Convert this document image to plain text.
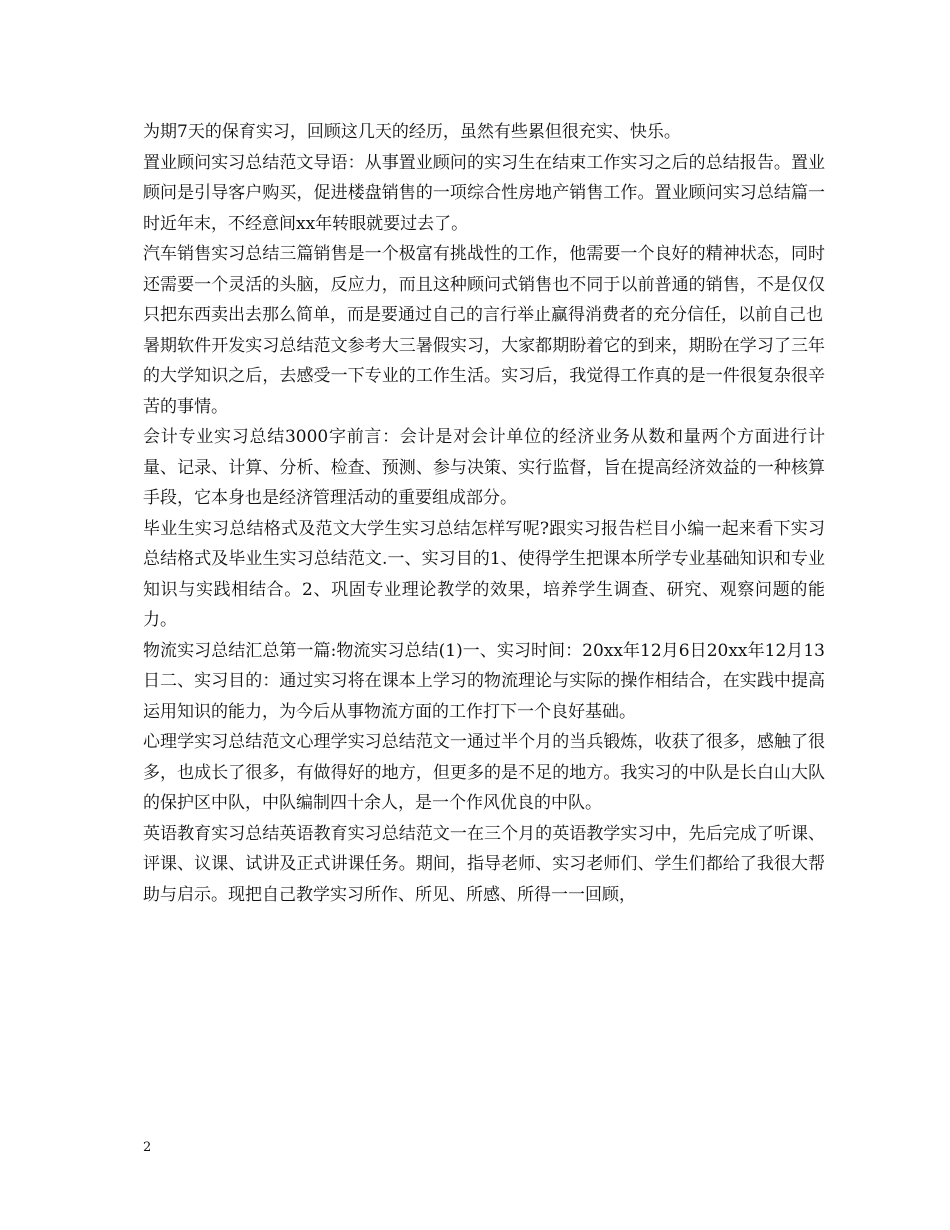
为期7天的保育实习，回顾这几天的经历，虽然有些累但很充实、快乐。

置业顾问实习总结范文导语：从事置业顾问的实习生在结束工作实习之后的总结报告。置业顾问是引导客户购买，促进楼盘销售的一项综合性房地产销售工作。置业顾问实习总结篇一时近年末，不经意间xx年转眼就要过去了。

汽车销售实习总结三篇销售是一个极富有挑战性的工作，他需要一个良好的精神状态，同时还需要一个灵活的头脑，反应力，而且这种顾问式销售也不同于以前普通的销售，不是仅仅只把东西卖出去那么简单，而是要通过自己的言行举止赢得消费者的充分信任，以前自己也

暑期软件开发实习总结范文参考大三暑假实习，大家都期盼着它的到来，期盼在学习了三年的大学知识之后，去感受一下专业的工作生活。实习后，我觉得工作真的是一件很复杂很辛苦的事情。

会计专业实习总结3000字前言：会计是对会计单位的经济业务从数和量两个方面进行计量、记录、计算、分析、检查、预测、参与决策、实行监督，旨在提高经济效益的一种核算手段，它本身也是经济管理活动的重要组成部分。

毕业生实习总结格式及范文大学生实习总结怎样写呢?跟实习报告栏目小编一起来看下实习总结格式及毕业生实习总结范文.一、实习目的1、使得学生把课本所学专业基础知识和专业知识与实践相结合。2、巩固专业理论教学的效果，培养学生调查、研究、观察问题的能力。

物流实习总结汇总第一篇:物流实习总结(1)一、实习时间：20xx年12月6日20xx年12月13日二、实习目的：通过实习将在课本上学习的物流理论与实际的操作相结合，在实践中提高运用知识的能力，为今后从事物流方面的工作打下一个良好基础。

心理学实习总结范文心理学实习总结范文一通过半个月的当兵锻炼，收获了很多，感触了很多，也成长了很多，有做得好的地方，但更多的是不足的地方。我实习的中队是长白山大队的保护区中队，中队编制四十余人，是一个作风优良的中队。

英语教育实习总结英语教育实习总结范文一在三个月的英语教学实习中，先后完成了听课、评课、议课、试讲及正式讲课任务。期间，指导老师、实习老师们、学生们都给了我很大帮助与启示。现把自己教学实习所作、所见、所感、所得一一回顾，

2
